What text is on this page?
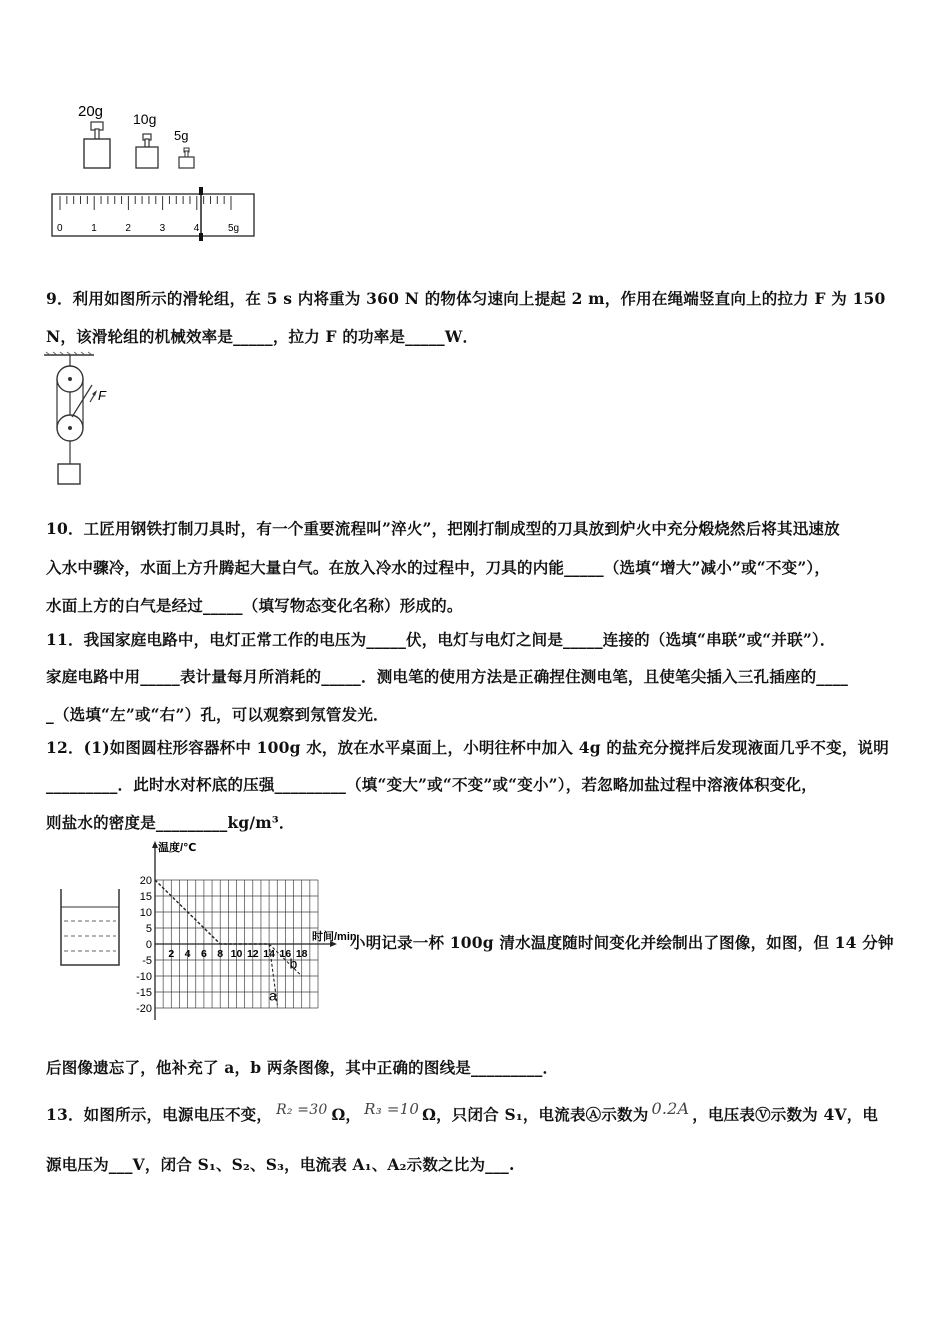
20g 10g
5g
0	1	2	3	4	5g
9．利用如图所示的滑轮组，在 5 s 内将重为 360 N 的物体匀速向上提起 2 m，作用在绳端竖直向上的拉力 F 为 150
N，该滑轮组的机械效率是_____，拉力 F 的功率是_____W．
F
10．工匠用钢铁打制刀具时，有一个重要流程叫”淬火”，把刚打制成型的刀具放到炉火中充分煅烧然后将其迅速放
入水中骤冷，水面上方升腾起大量白气。在放入冷水的过程中，刀具的内能_____（选填“增大”减小”或“不变”），
水面上方的白气是经过_____（填写物态变化名称）形成的。
11．我国家庭电路中，电灯正常工作的电压为_____伏，电灯与电灯之间是_____连接的（选填“串联”或“并联”）．
家庭电路中用_____表计量每月所消耗的_____．测电笔的使用方法是正确捏住测电笔，且使笔尖插入三孔插座的____
_（选填“左”或“右”）孔，可以观察到氖管发光．
12．(1)如图圆柱形容器杯中 100g 水，放在水平桌面上，小明往杯中加入 4g 的盐充分搅拌后发现液面几乎不变，说明
_________．此时水对杯底的压强_________（填“变大”或“不变”或“变小”），若忽略加盐过程中溶液体积变化，
则盐水的密度是_________kg/m³．
20
15
10
5
0
-5
-10
-15
-20
2 4 6 8 10 12 14 16 18
温度/℃
时间/min
a
b
小明记录一杯 100g 清水温度随时间变化并绘制出了图像，如图，但 14 分钟
后图像遗忘了，他补充了 a，b 两条图像，其中正确的图线是_________．
13．如图所示，电源电压不变， R₂ =30 Ω， R₃ =10 Ω，只闭合 S₁，电流表Ⓐ示数为 0.2A ，电压表Ⓥ示数为 4V，电
源电压为___V，闭合 S₁、S₂、S₃，电流表 A₁、A₂示数之比为___.
